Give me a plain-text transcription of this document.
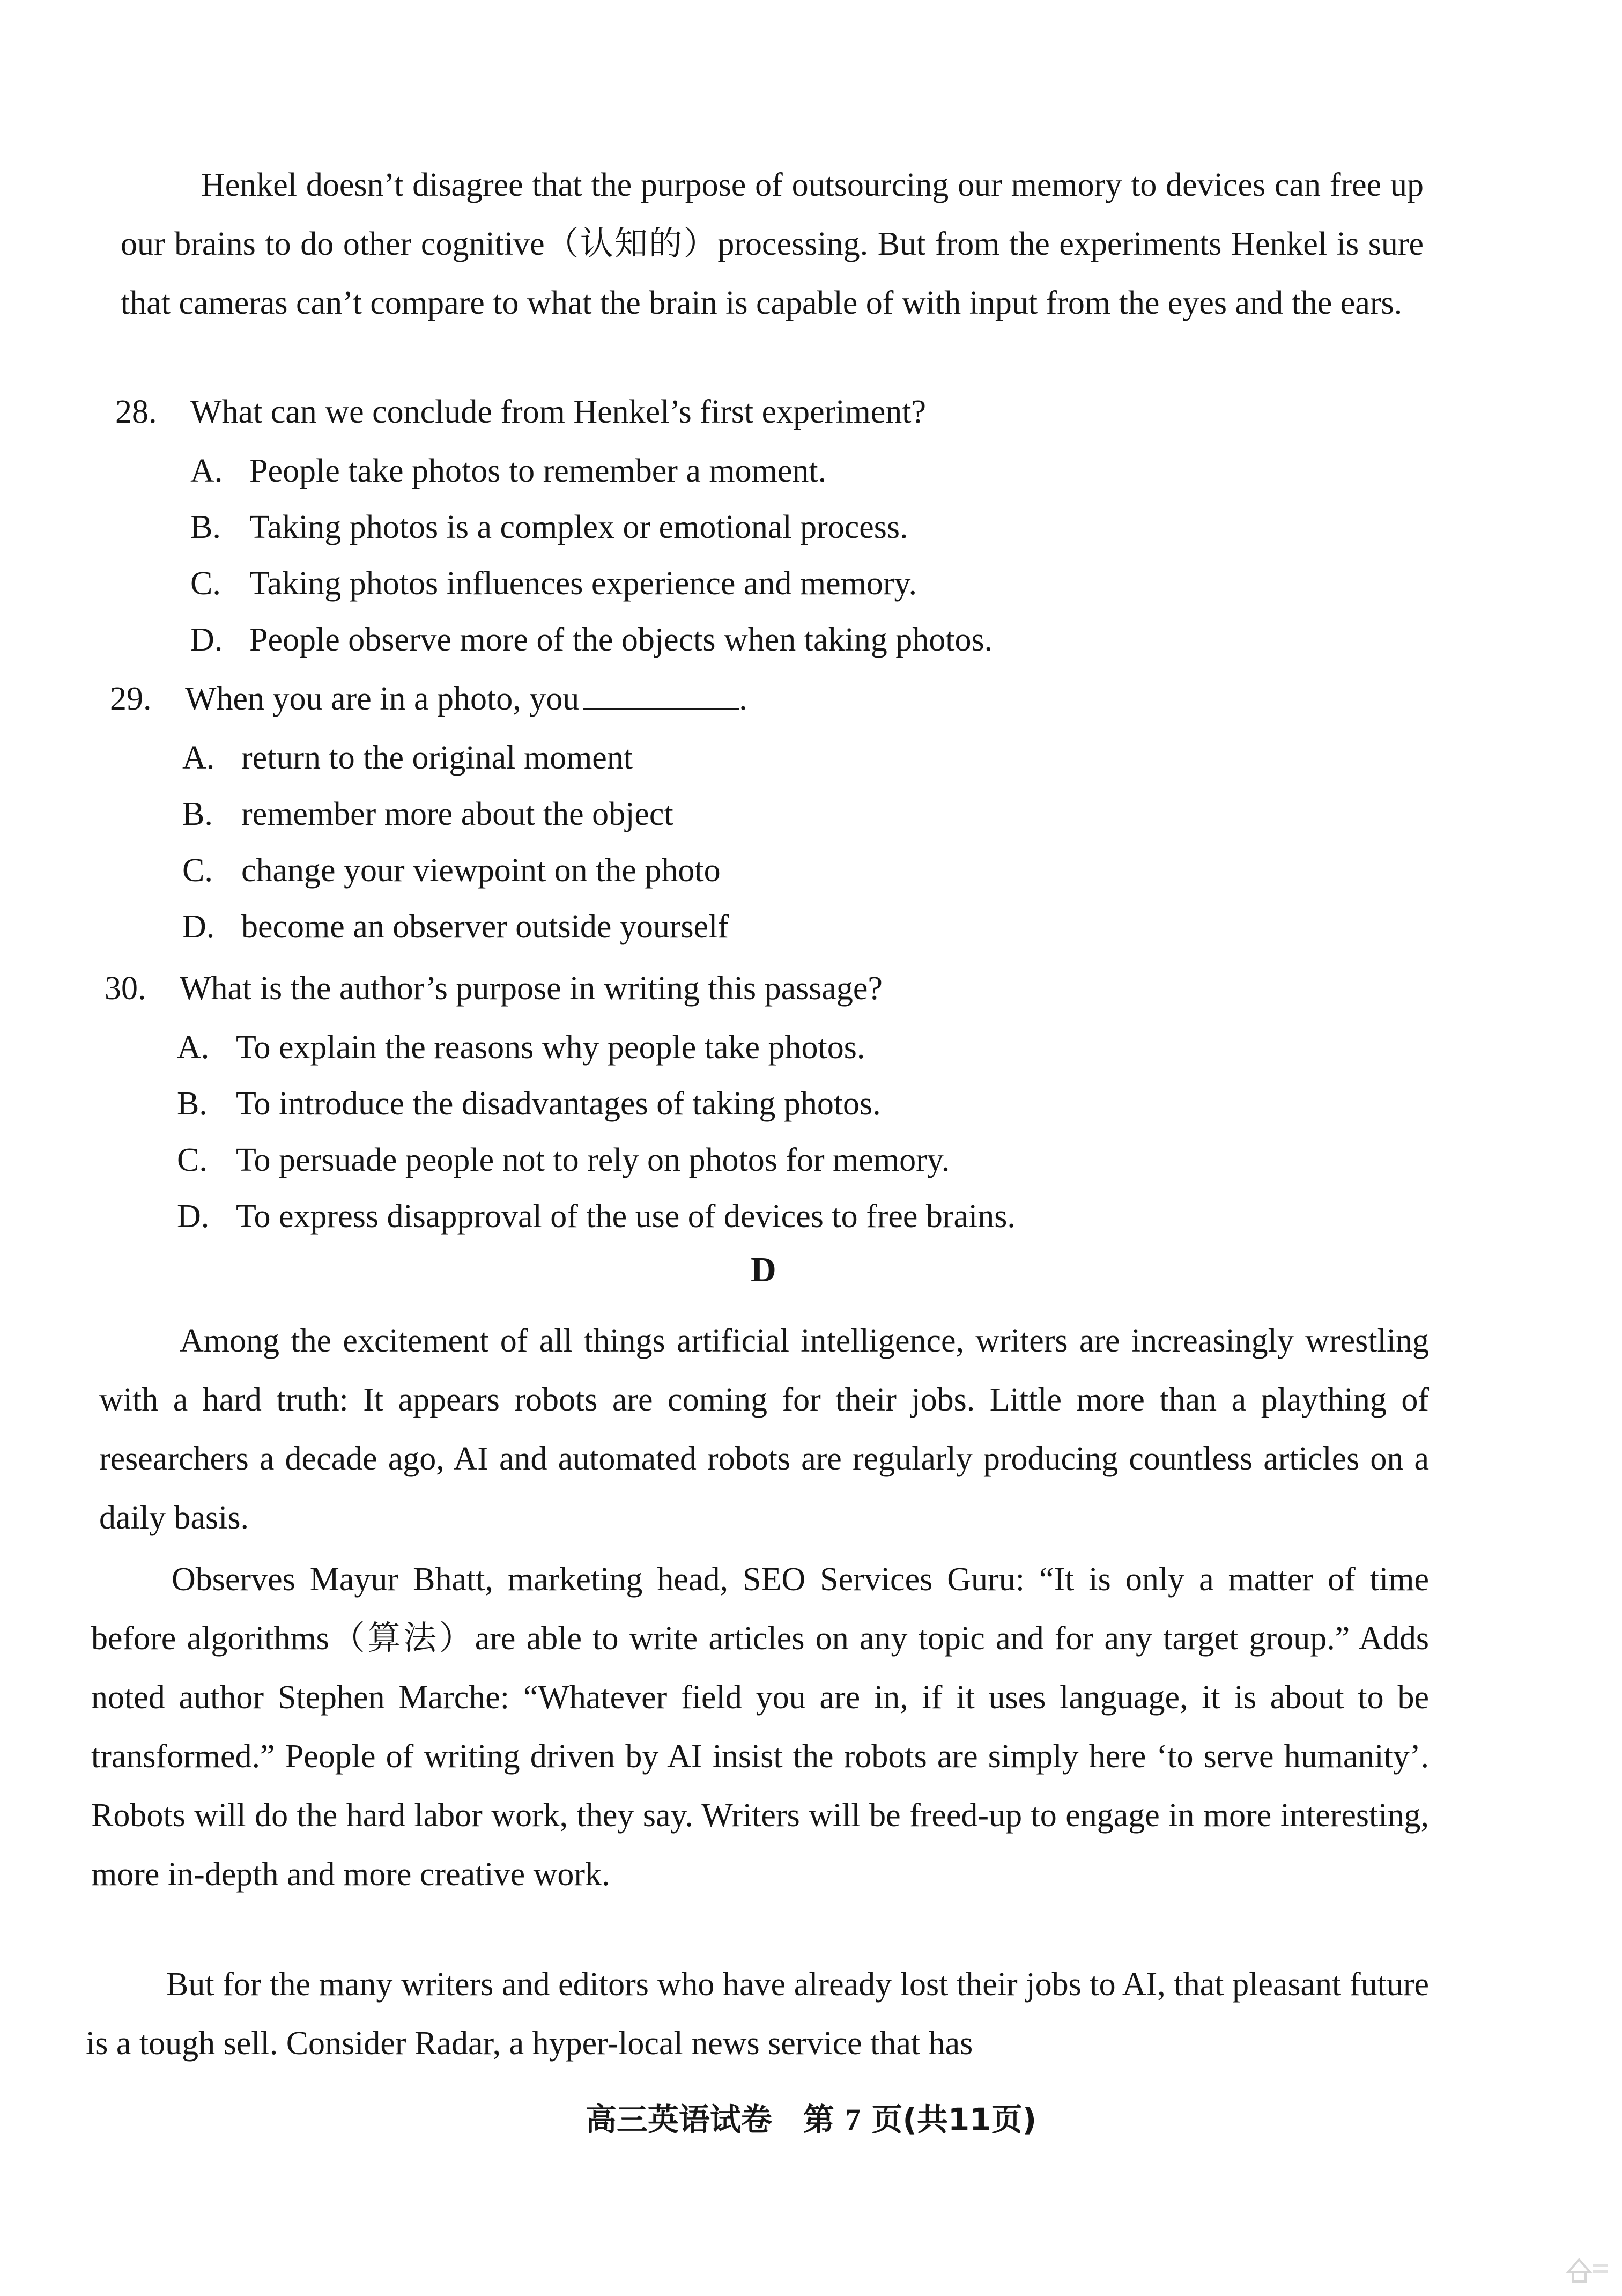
Henkel doesn’t disagree that the purpose of outsourcing our memory to devices can free up our brains to do other cognitive（认知的）processing. But from the experiments Henkel is sure that cameras can’t compare to what the brain is capable of with input from the eyes and the ears.
28. What can we conclude from Henkel’s first experiment?
A. People take photos to remember a moment.
B. Taking photos is a complex or emotional process.
C. Taking photos influences experience and memory.
D. People observe more of the objects when taking photos.
29. When you are in a photo, you	.
A. return to the original moment
B. remember more about the object
C. change your viewpoint on the photo
D. become an observer outside yourself
30. What is the author’s purpose in writing this passage?
A. To explain the reasons why people take photos.
B. To introduce the disadvantages of taking photos.
C. To persuade people not to rely on photos for memory.
D. To express disapproval of the use of devices to free brains.
D
Among the excitement of all things artificial intelligence, writers are increasingly wrestling with a hard truth: It appears robots are coming for their jobs. Little more than a plaything of researchers a decade ago, AI and automated robots are regularly producing countless articles on a daily basis.
Observes Mayur Bhatt, marketing head, SEO Services Guru: “It is only a matter of time before algorithms（算法）are able to write articles on any topic and for any target group.” Adds noted author Stephen Marche: “Whatever field you are in, if it uses language, it is about to be transformed.” People of writing driven by AI insist the robots are simply here ‘to serve humanity’. Robots will do the hard labor work, they say. Writers will be freed-up to engage in more interesting, more in-depth and more creative work.
But for the many writers and editors who have already lost their jobs to AI, that pleasant future is a tough sell. Consider Radar, a hyper-local news service that has
高三英语试卷　第 7 页(共11页)
